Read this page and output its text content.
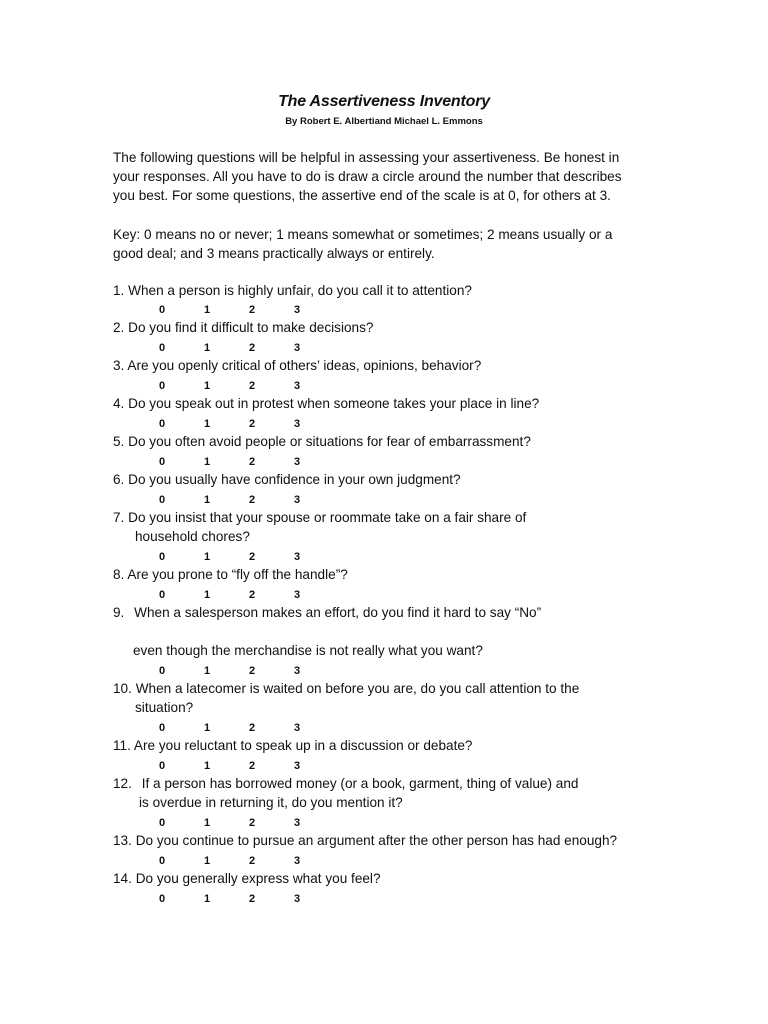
The Assertiveness Inventory
By Robert E. Albertiand Michael L. Emmons
The following questions will be helpful in assessing your assertiveness. Be honest in
your responses. All you have to do is draw a circle around the number that describes
you best. For some questions, the assertive end of the scale is at 0, for others at 3.
Key: 0 means no or never; 1 means somewhat or sometimes; 2 means usually or a
good deal; and 3 means practically always or entirely.
1. When a person is highly unfair, do you call it to attention?
0	1	2	3
2. Do you find it difficult to make decisions?
0	1	2	3
3. Are you openly critical of others’ ideas, opinions, behavior?
0	1	2	3
4. Do you speak out in protest when someone takes your place in line?
0	1	2	3
5. Do you often avoid people or situations for fear of embarrassment?
0	1	2	3
6. Do you usually have confidence in your own judgment?
0	1	2	3
7. Do you insist that your spouse or roommate take on a fair share of
household chores?
0	1	2	3
8. Are you prone to “fly off the handle”?
0	1	2	3
9. When a salesperson makes an effort, do you find it hard to say “No”
even though the merchandise is not really what you want?
0	1	2	3
10. When a latecomer is waited on before you are, do you call attention to the
situation?
0	1	2	3
11. Are you reluctant to speak up in a discussion or debate?
0	1	2	3
12. If a person has borrowed money (or a book, garment, thing of value) and
is overdue in returning it, do you mention it?
0	1	2	3
13. Do you continue to pursue an argument after the other person has had enough?
0	1	2	3
14. Do you generally express what you feel?
0	1	2	3
